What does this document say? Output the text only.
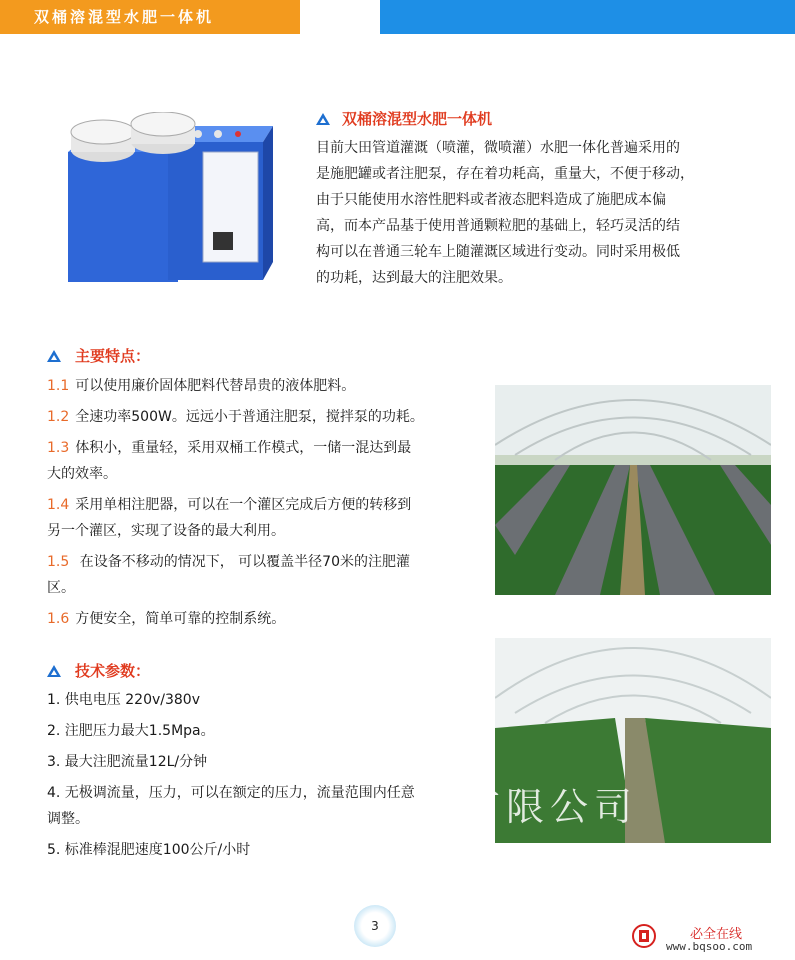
双桶溶混型水肥一体机
双桶溶混型水肥一体机

目前大田管道灌溉（喷灌，微喷灌）水肥一体化普遍采用的

是施肥罐或者注肥泵，存在着功耗高，重量大，不便于移动，

由于只能使用水溶性肥料或者液态肥料造成了施肥成本偏

高，而本产品基于使用普通颗粒肥的基础上，轻巧灵活的结

构可以在普通三轮车上随灌溉区域进行变动。同时采用极低

的功耗，达到最大的注肥效果。

主要特点：
1.1 可以使用廉价固体肥料代替昂贵的液体肥料。
1.2 全速功率500W。远远小于普通注肥泵，搅拌泵的功耗。
1.3 体积小，重量轻，采用双桶工作模式，一储一混达到最
大的效率。
1.4 采用单相注肥器，可以在一个灌区完成后方便的转移到
另一个灌区，实现了设备的最大利用。
1.5 在设备不移动的情况下， 可以覆盖半径70米的注肥灌
区。
1.6 方便安全，简单可靠的控制系统。
技术参数：
1. 供电电压 220v/380v
2. 注肥压力最大1.5Mpa。
3. 最大注肥流量12L/分钟
4. 无极调流量，压力，可以在额定的压力，流量范围内任意
调整。
5. 标准棒混肥速度100公斤/小时
有限公司
3
必全在线
www.bqsoo.com
